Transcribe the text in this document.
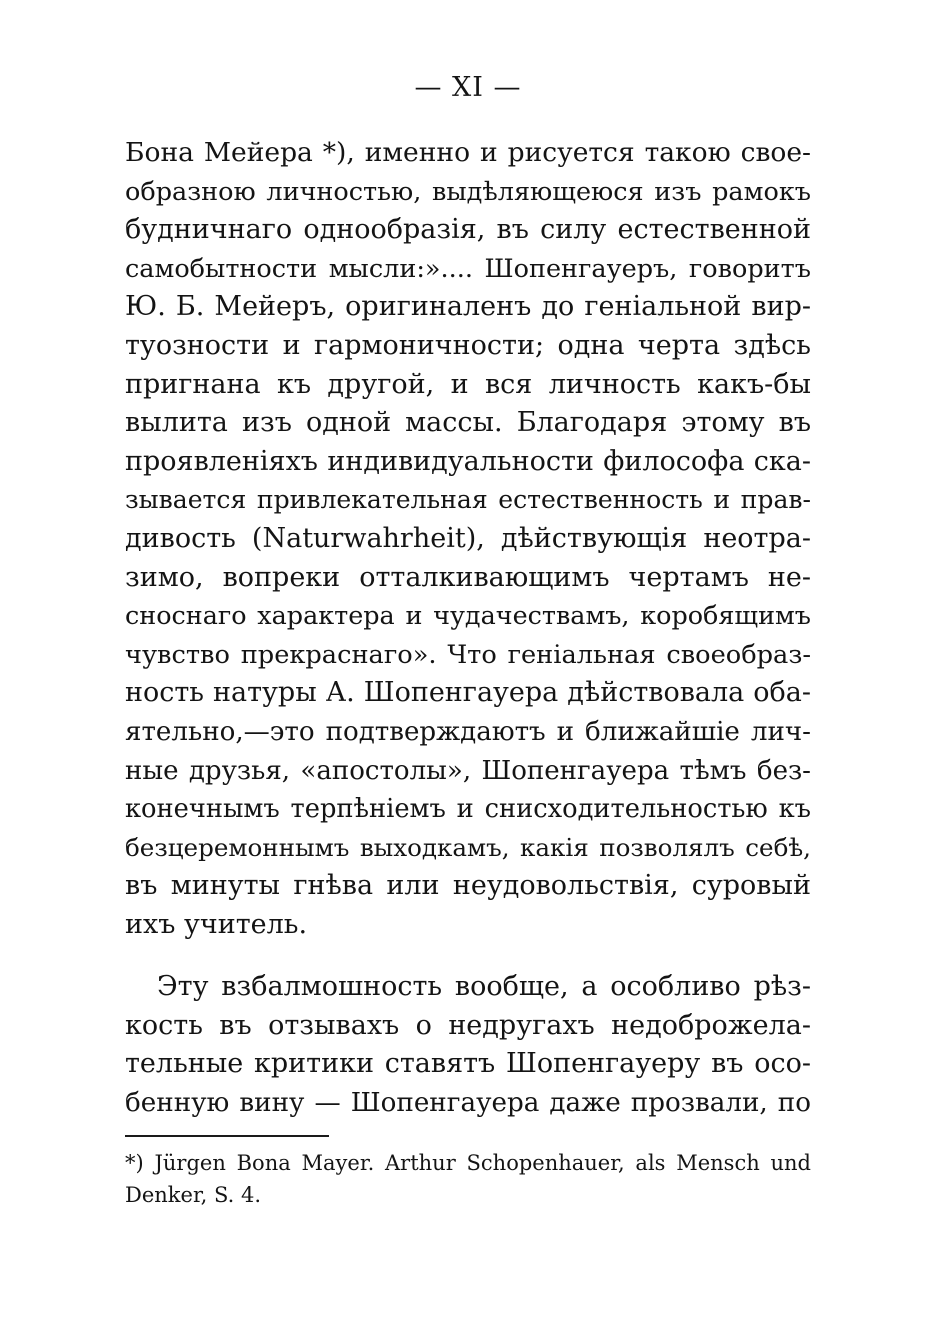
— XI —
Бона Мейера *), именно и рисуется такою свое-
образною личностью, выдѣляющеюся изъ рамокъ
будничнаго однообразія, въ силу естественной
самобытности мысли:».... Шопенгауеръ, говоритъ
Ю. Б. Мейеръ, оригиналенъ до геніальной вир-
туозности и гармоничности; одна черта здѣсь
пригнана къ другой, и вся личность какъ-бы
вылита изъ одной массы. Благодаря этому въ
проявленіяхъ индивидуальности философа ска-
зывается привлекательная естественность и прав-
дивость (Naturwahrheit), дѣйствующія неотра-
зимо, вопреки отталкивающимъ чертамъ не-
сноснаго характера и чудачествамъ, коробящимъ
чувство прекраснаго». Что геніальная своеобраз-
ность натуры А. Шопенгауера дѣйствовала оба-
ятельно,—это подтверждаютъ и ближайшіе лич-
ные друзья, «апостолы», Шопенгауера тѣмъ без-
конечнымъ терпѣніемъ и снисходительностью къ
безцеремоннымъ выходкамъ, какія позволялъ себѣ,
въ минуты гнѣва или неудовольствія, суровый
ихъ учитель.
Эту взбалмошность вообще, а особливо рѣз-
кость въ отзывахъ о недругахъ недоброжела-
тельные критики ставятъ Шопенгауеру въ осо-
бенную вину — Шопенгауера даже прозвали, по
*) Jürgen Bona Mayer. Arthur Schopenhauer, als Mensch und
Denker, S. 4.
